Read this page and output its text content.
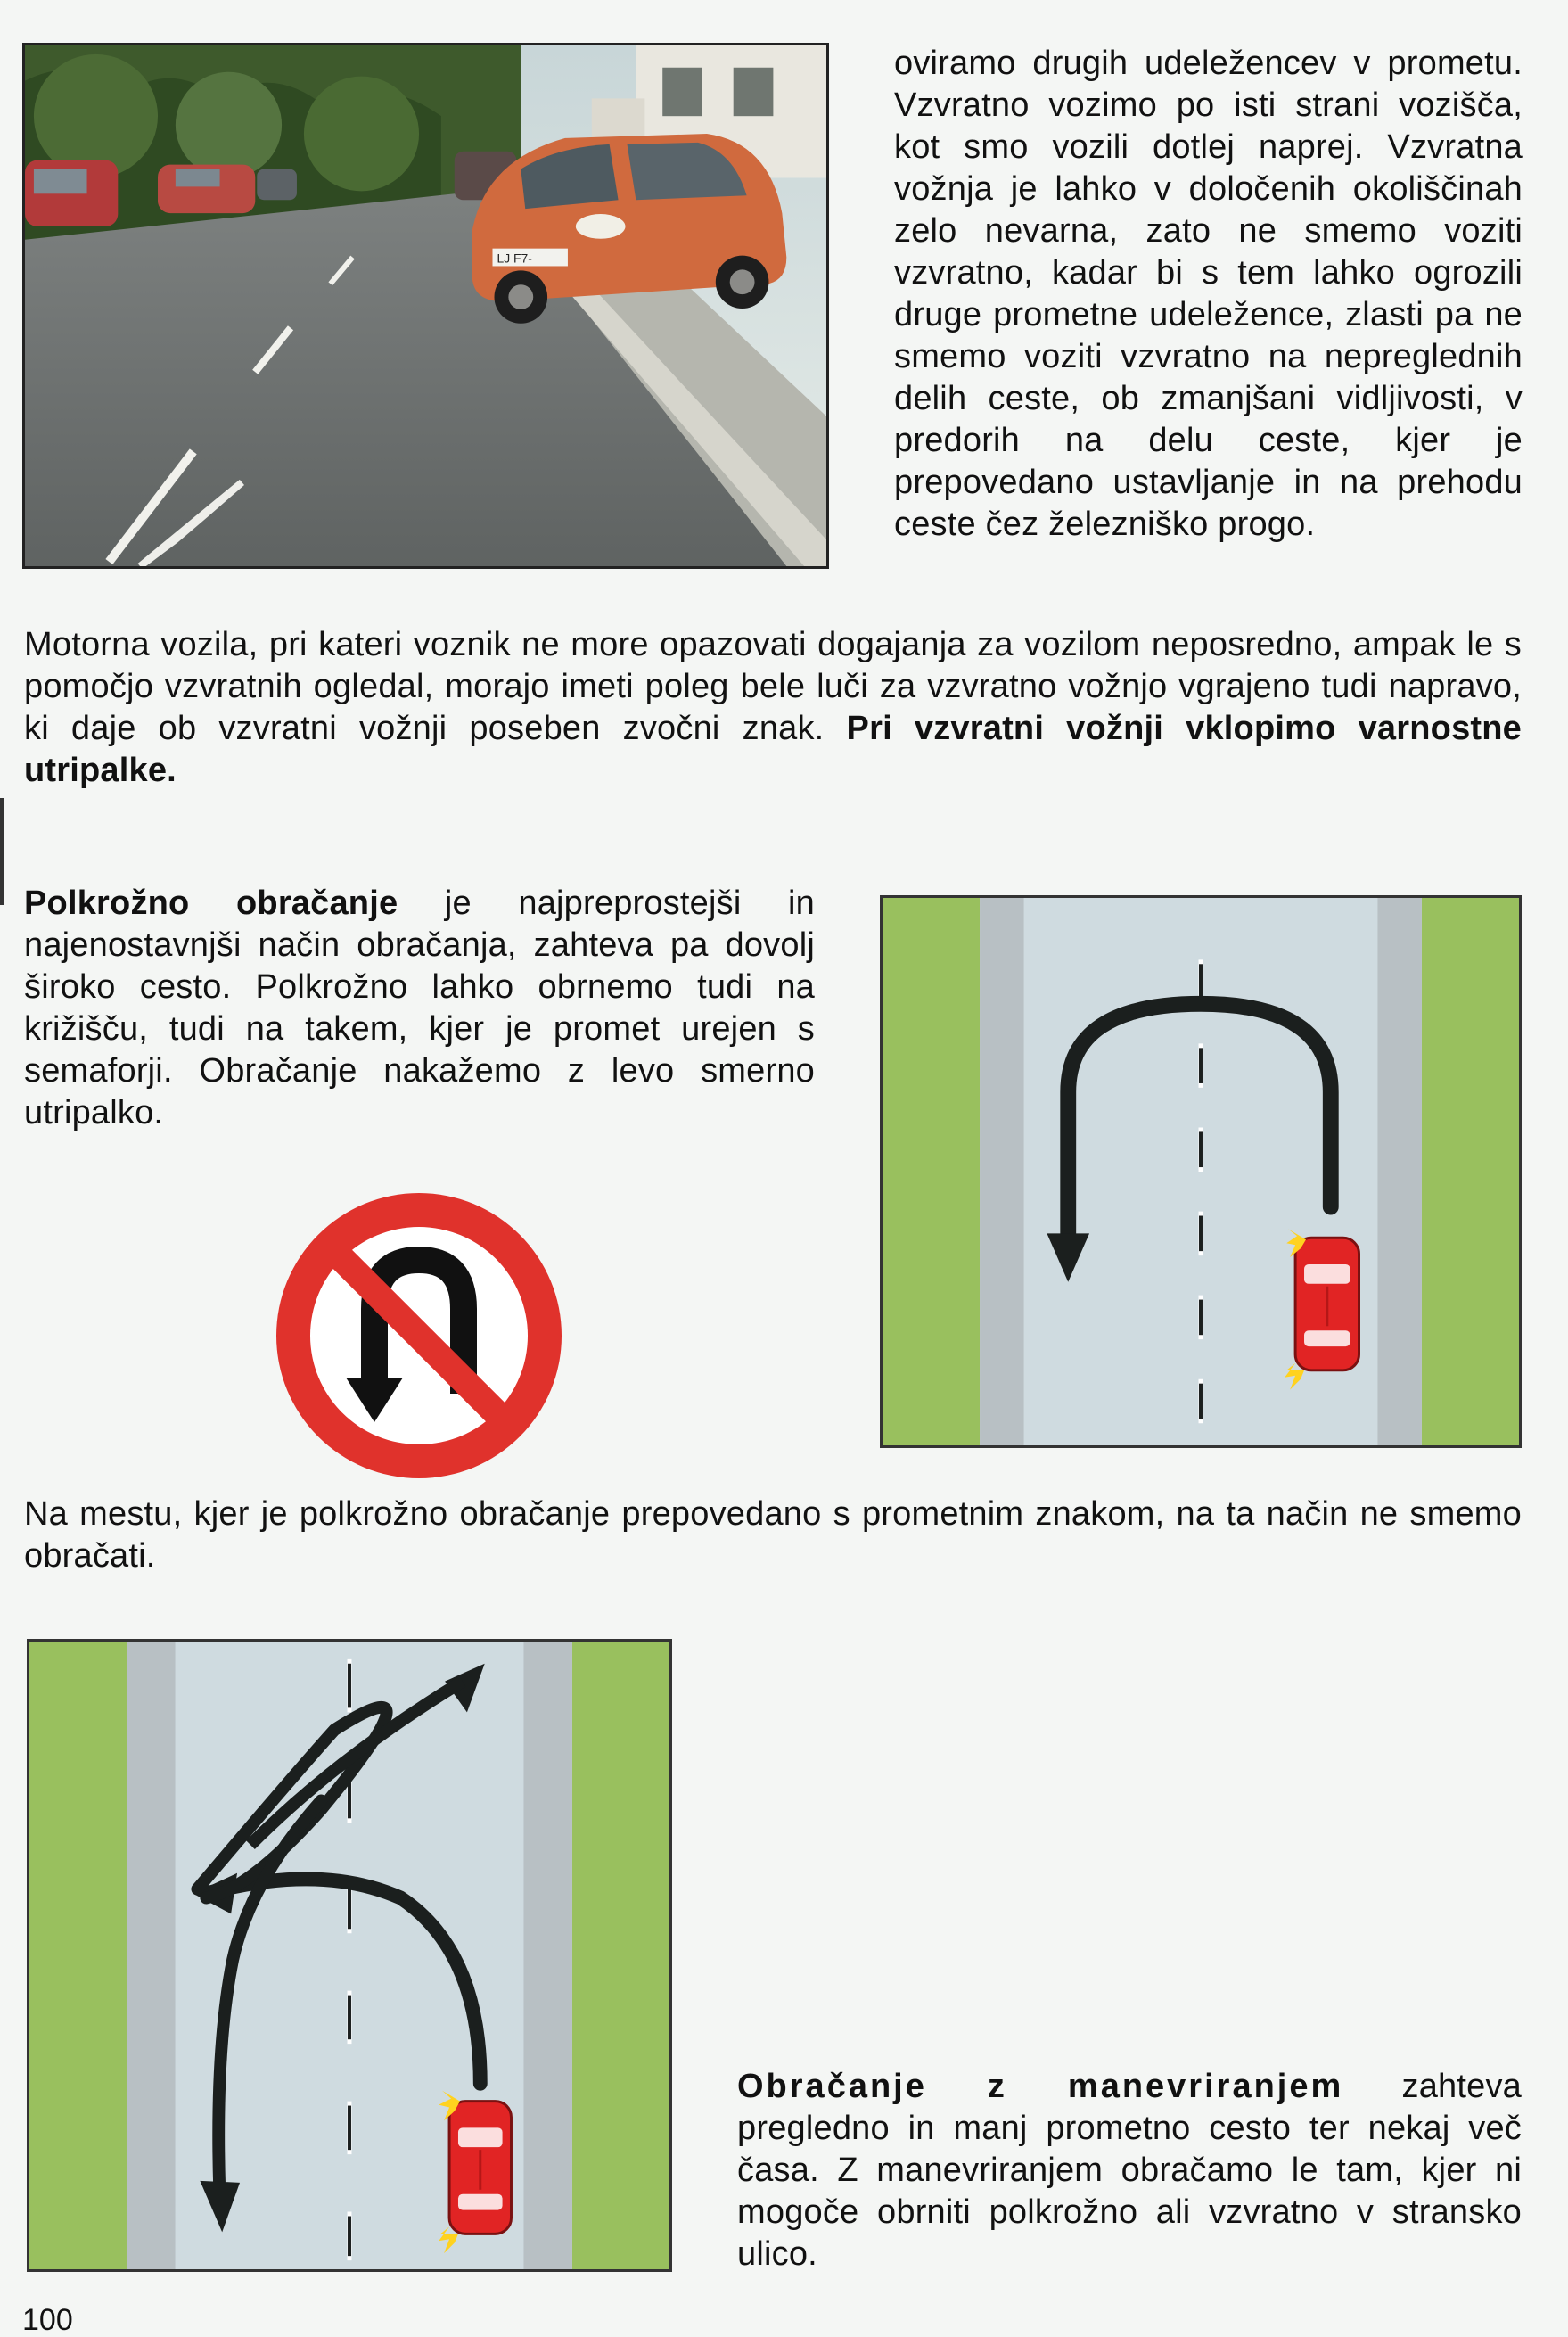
LJ F7-

oviramo drugih udeležencev v prometu. Vzvratno vozimo po isti strani vozišča, kot smo vozili dotlej naprej. Vzvratna vožnja je lahko v določenih okoliščinah zelo nevarna, zato ne smemo voziti vzvratno, kadar bi s tem lahko ogrozili druge prometne udeležence, zlasti pa ne smemo voziti vzvratno na nepreglednih delih ceste, ob zmanjšani vidljivosti, v predorih na delu ceste, kjer je prepovedano ustavljanje in na prehodu ceste čez železniško progo.

Motorna vozila, pri kateri voznik ne more opazovati dogajanja za vozilom neposredno, ampak le s pomočjo vzvratnih ogledal, morajo imeti poleg bele luči za vzvratno vožnjo vgrajeno tudi napravo, ki daje ob vzvratni vožnji poseben zvočni znak. Pri vzvratni vožnji vklopimo varnostne utripalke.

Polkrožno obračanje je najpreprostejši in najenostavnjši način obračanja, zahteva pa dovolj široko cesto. Polkrožno lahko obrnemo tudi na križišču, tudi na takem, kjer je promet urejen s semaforji. Obračanje nakažemo z levo smerno utripalko.

Na mestu, kjer je polkrožno obračanje prepovedano s prometnim znakom, na ta način ne smemo obračati.

Obračanje z manevriranjem zahteva pregledno in manj prometno cesto ter nekaj več časa. Z manevriranjem obračamo le tam, kjer ni mogoče obrniti polkrožno ali vzvratno v stransko ulico.

100
